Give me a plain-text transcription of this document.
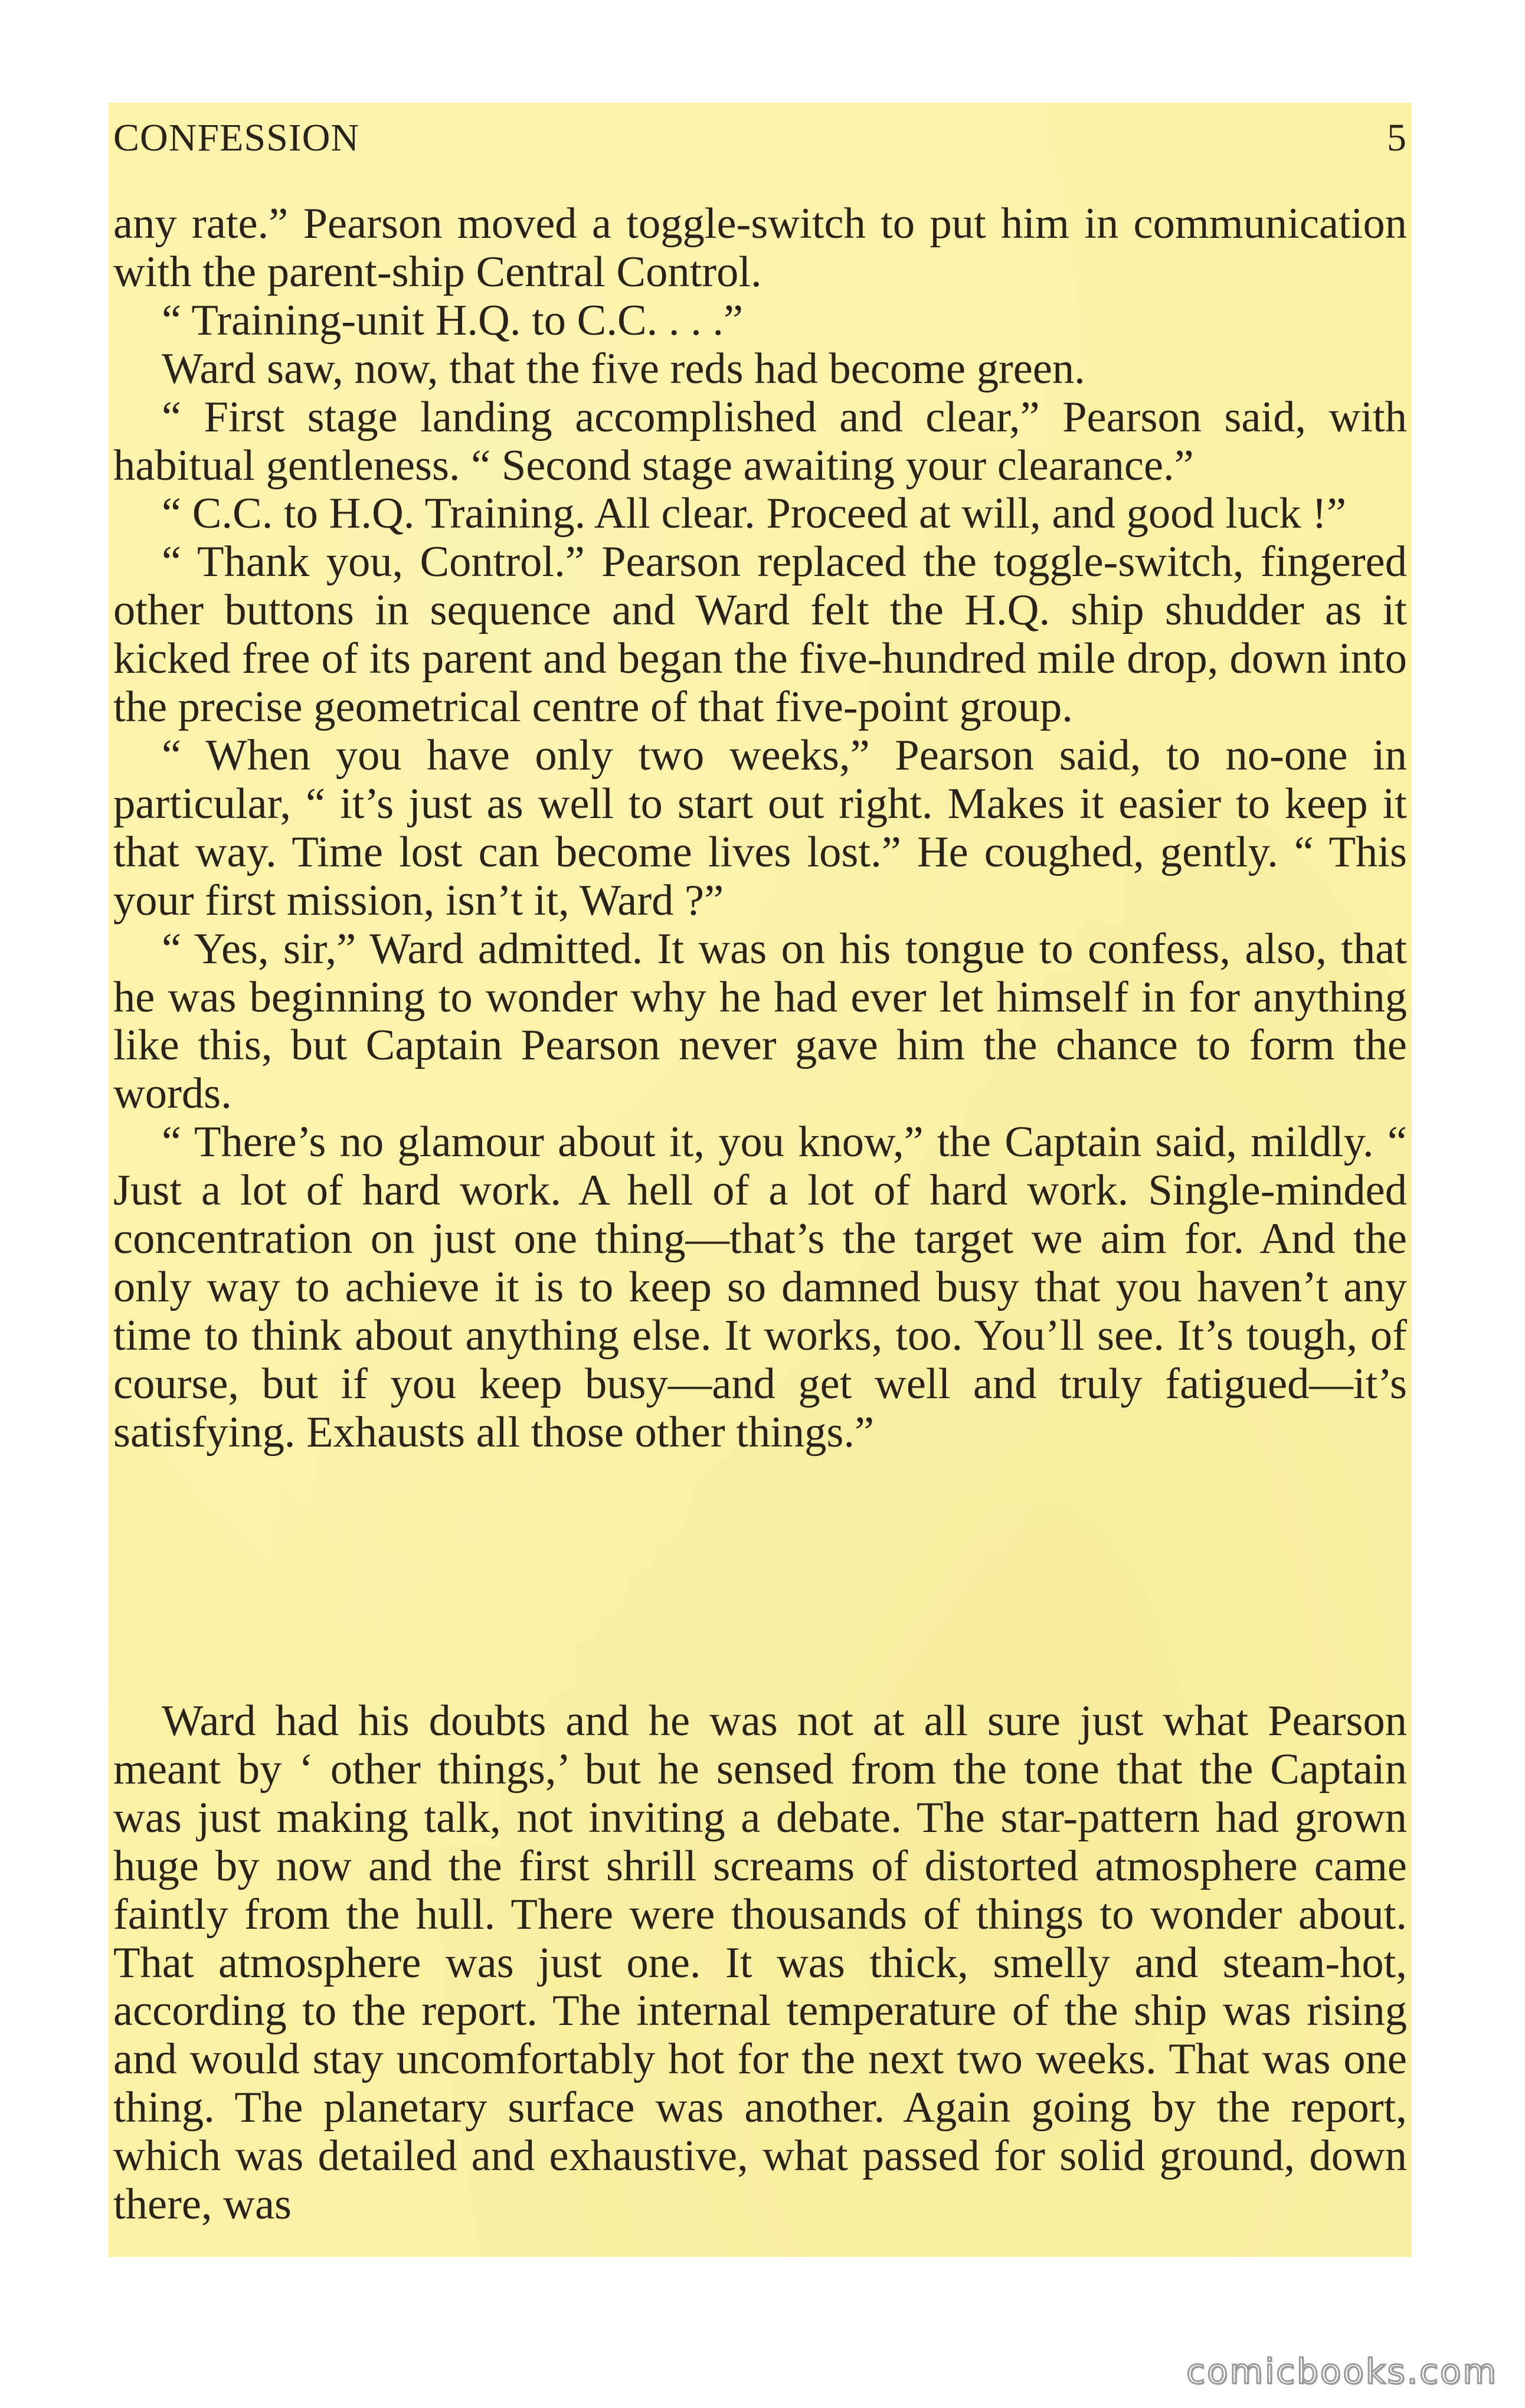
CONFESSION	5

any rate.” Pearson moved a toggle-switch to put him in communication with the parent-ship Central Control.

“ Training-unit H.Q. to C.C. . . .”

Ward saw, now, that the five reds had become green.

“ First stage landing accomplished and clear,” Pearson said, with habitual gentleness. “ Second stage awaiting your clearance.”

“ C.C. to H.Q. Training. All clear. Proceed at will, and good luck !”

“ Thank you, Control.” Pearson replaced the toggle-switch, fingered other buttons in sequence and Ward felt the H.Q. ship shudder as it kicked free of its parent and began the five-hundred mile drop, down into the precise geometrical centre of that five-point group.

“ When you have only two weeks,” Pearson said, to no-one in particular, “ it’s just as well to start out right. Makes it easier to keep it that way. Time lost can become lives lost.” He coughed, gently. “ This your first mission, isn’t it, Ward ?”

“ Yes, sir,” Ward admitted. It was on his tongue to confess, also, that he was beginning to wonder why he had ever let himself in for anything like this, but Captain Pearson never gave him the chance to form the words.

“ There’s no glamour about it, you know,” the Captain said, mildly. “ Just a lot of hard work. A hell of a lot of hard work. Single-minded concentration on just one thing—that’s the target we aim for. And the only way to achieve it is to keep so damned busy that you haven’t any time to think about anything else. It works, too. You’ll see. It’s tough, of course, but if you keep busy—and get well and truly fatigued—it’s satisfying. Exhausts all those other things.”

Ward had his doubts and he was not at all sure just what Pearson meant by ‘ other things,’ but he sensed from the tone that the Captain was just making talk, not inviting a debate. The star-pattern had grown huge by now and the first shrill screams of distorted atmosphere came faintly from the hull. There were thousands of things to wonder about. That atmosphere was just one. It was thick, smelly and steam-hot, according to the report. The internal temperature of the ship was rising and would stay uncomfortably hot for the next two weeks. That was one thing. The planetary surface was another. Again going by the report, which was detailed and exhaustive, what passed for solid ground, down there, was

comicbooks.com
